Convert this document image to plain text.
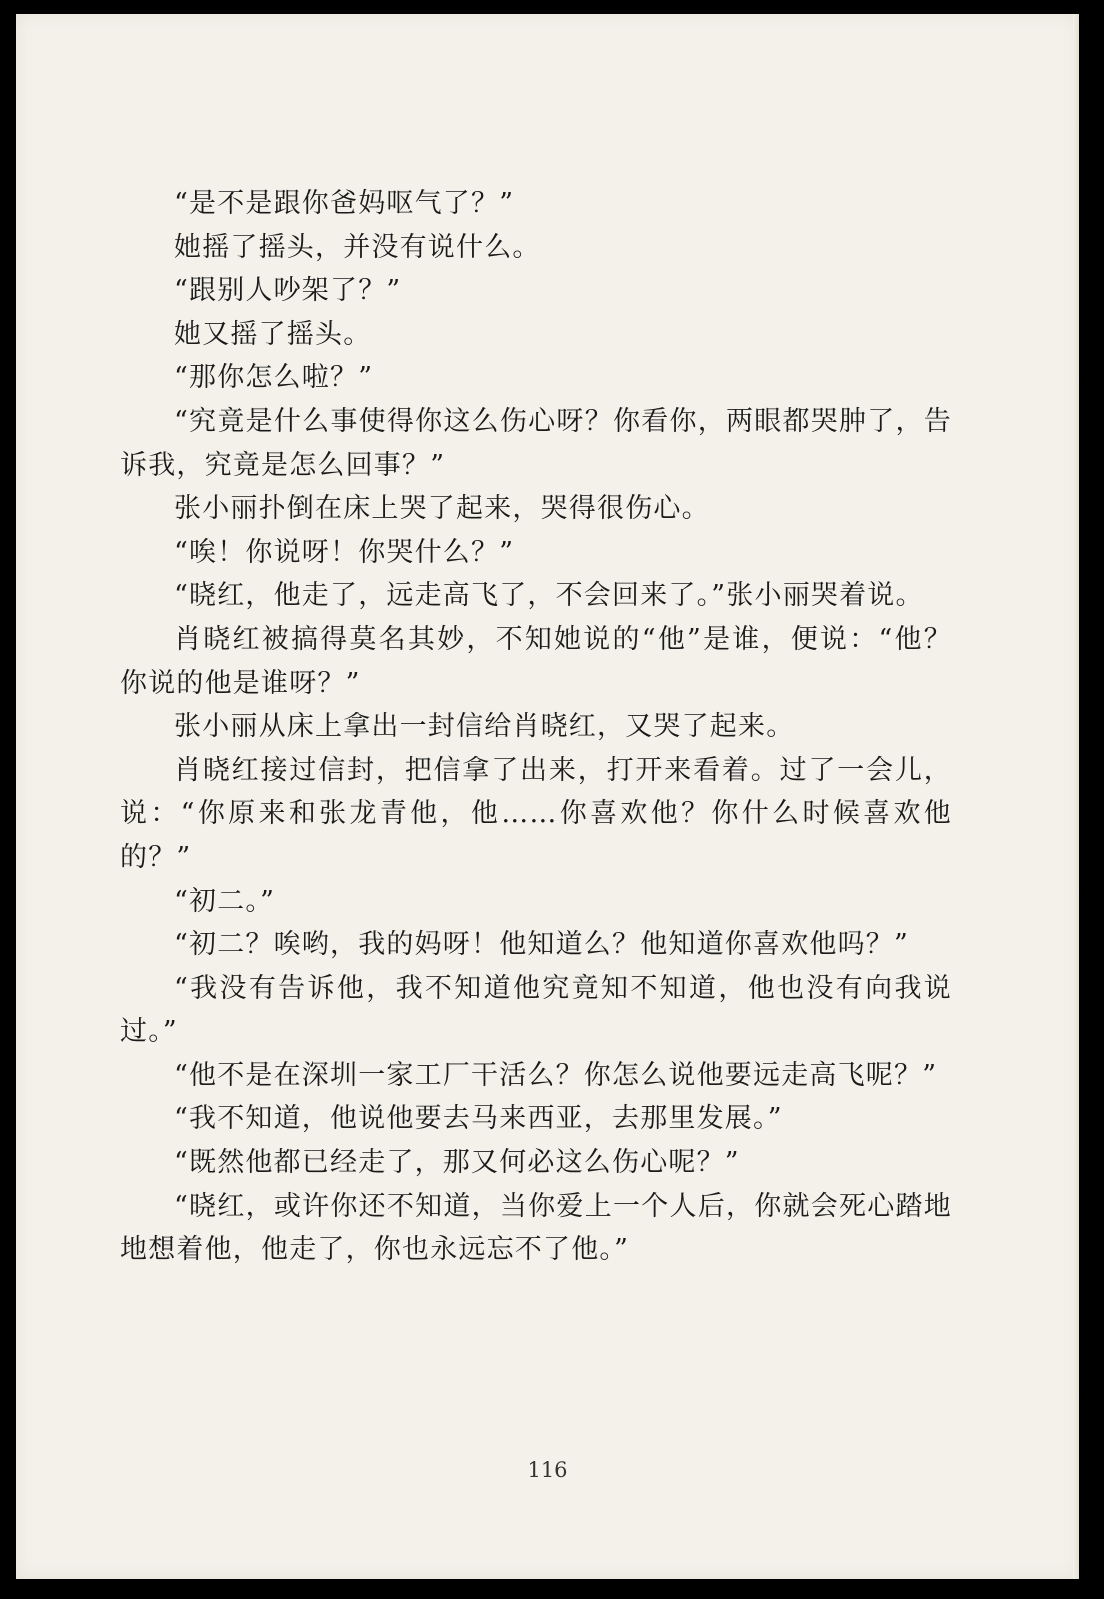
“是不是跟你爸妈呕气了？”

她摇了摇头，并没有说什么。

“跟别人吵架了？”

她又摇了摇头。

“那你怎么啦？”

“究竟是什么事使得你这么伤心呀？你看你，两眼都哭肿了，告诉我，究竟是怎么回事？”

张小丽扑倒在床上哭了起来，哭得很伤心。

“唉！你说呀！你哭什么？”

“晓红，他走了，远走高飞了，不会回来了。”张小丽哭着说。

肖晓红被搞得莫名其妙，不知她说的“他”是谁，便说：“他？你说的他是谁呀？”

张小丽从床上拿出一封信给肖晓红，又哭了起来。

肖晓红接过信封，把信拿了出来，打开来看着。过了一会儿，说：“你原来和张龙青他，他……你喜欢他？你什么时候喜欢他的？”

“初二。”

“初二？唉哟，我的妈呀！他知道么？他知道你喜欢他吗？”

“我没有告诉他，我不知道他究竟知不知道，他也没有向我说过。”

“他不是在深圳一家工厂干活么？你怎么说他要远走高飞呢？”

“我不知道，他说他要去马来西亚，去那里发展。”

“既然他都已经走了，那又何必这么伤心呢？”

“晓红，或许你还不知道，当你爱上一个人后，你就会死心踏地地想着他，他走了，你也永远忘不了他。”

116
